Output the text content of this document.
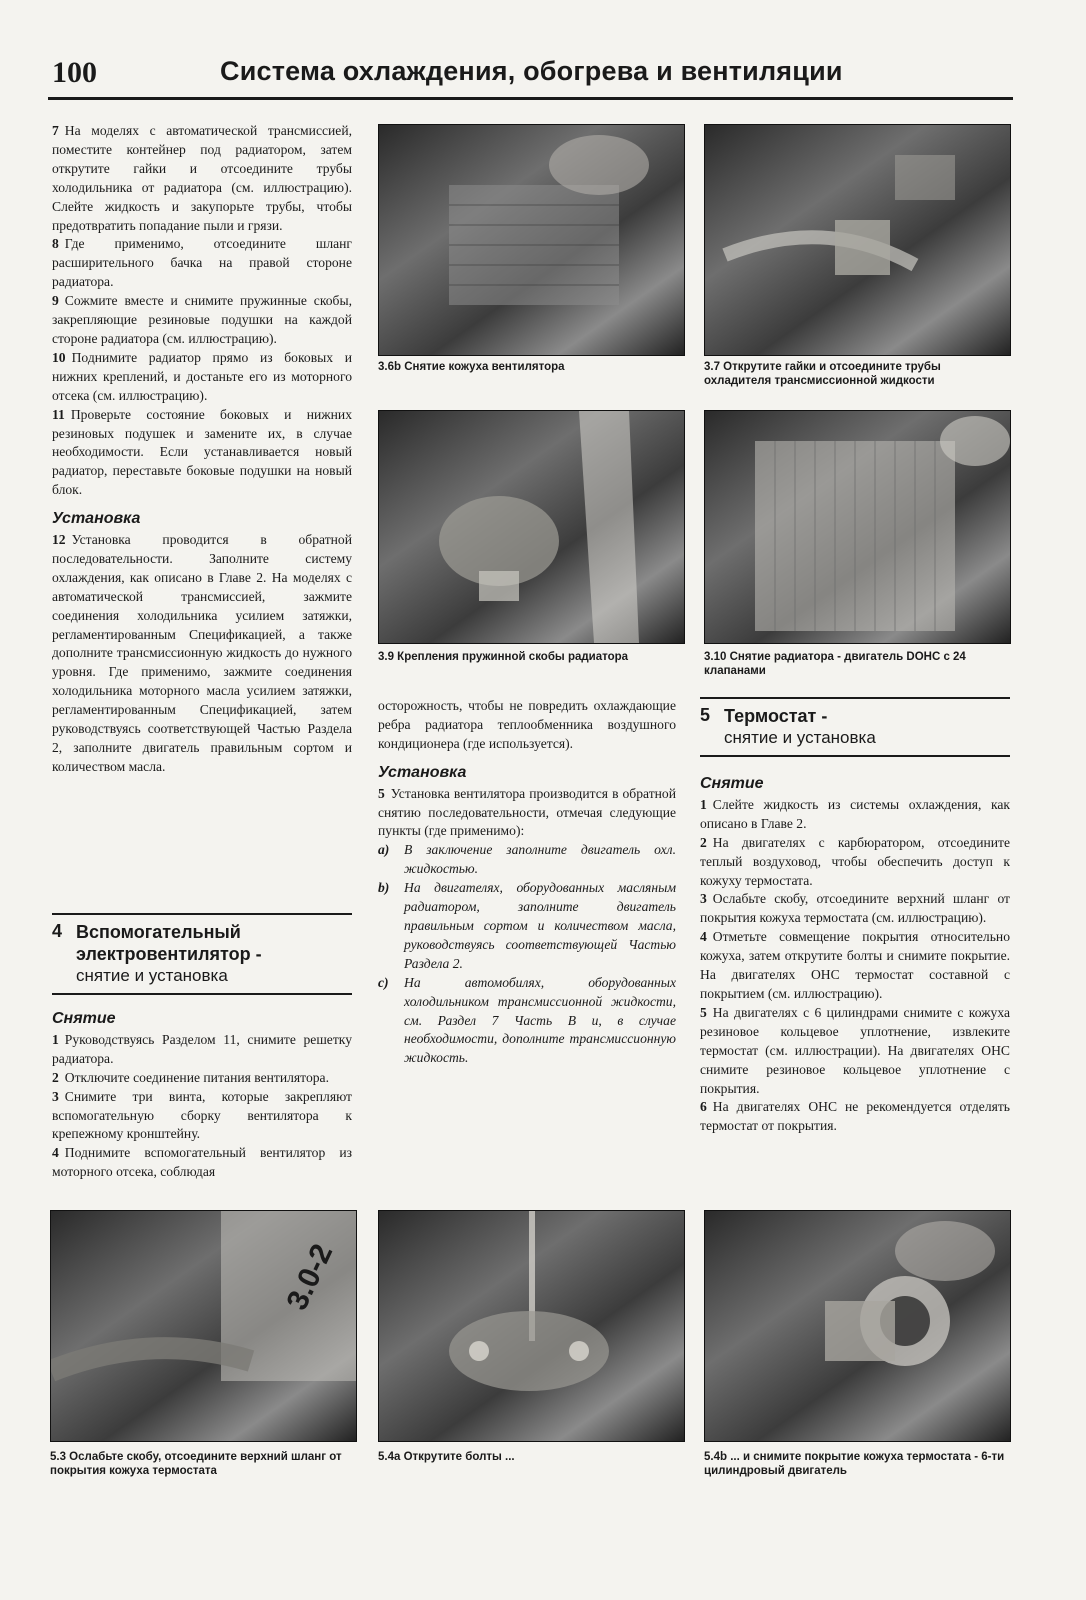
100	Система охлаждения, обогрева и вентиляции

7 На моделях с автоматической трансмиссией, поместите контейнер под радиатором, затем открутите гайки и отсоедините трубы холодильника от радиатора (см. иллюстрацию). Слейте жидкость и закупорьте трубы, чтобы предотвратить попадание пыли и грязи.

8 Где применимо, отсоедините шланг расширительного бачка на правой стороне радиатора.

9 Сожмите вместе и снимите пружинные скобы, закрепляющие резиновые подушки на каждой стороне радиатора (см. иллюстрацию).

10 Поднимите радиатор прямо из боковых и нижних креплений, и достаньте его из моторного отсека (см. иллюстрацию).

11 Проверьте состояние боковых и нижних резиновых подушек и замените их, в случае необходимости. Если устанавливается новый радиатор, переставьте боковые подушки на новый блок.

Установка

12 Установка проводится в обратной последовательности. Заполните систему охлаждения, как описано в Главе 2. На моделях с автоматической трансмиссией, зажмите соединения холодильника усилием затяжки, регламентированным Спецификацией, а также дополните трансмиссионную жидкость до нужного уровня. Где применимо, зажмите соединения холодильника моторного масла усилием затяжки, регламентированным Спецификацией, затем руководствуясь соответствующей Частью Раздела 2, заполните двигатель правильным сортом и количеством масла.

4 Вспомогательный
электровентилятор -
снятие и установка
Снятие

1 Руководствуясь Разделом 11, снимите решетку радиатора.

2 Отключите соединение питания вентилятора.

3 Снимите три винта, которые закрепляют вспомогательную сборку вентилятора к крепежному кронштейну.

4 Поднимите вспомогательный вентилятор из моторного отсека, соблюдая

осторожность, чтобы не повредить охлаждающие ребра радиатора теплообменника воздушного кондиционера (где используется).

Установка

5 Установка вентилятора производится в обратной снятию последовательности, отмечая следующие пункты (где применимо):

a)	В заключение заполните двигатель охл. жидкостью.
b)	На двигателях, оборудованных масляным радиатором, заполните двигатель правильным сортом и количеством масла, руководствуясь соответствующей Частью Раздела 2.
c)	На автомобилях, оборудованных холодильником трансмиссионной жидкости, см. Раздел 7 Часть В и, в случае необходимости, дополните трансмиссионную жидкость.
5 Термостат -
снятие и установка
Снятие

1 Слейте жидкость из системы охлаждения, как описано в Главе 2.

2 На двигателях с карбюратором, отсоедините теплый воздуховод, чтобы обеспечить доступ к кожуху термостата.

3 Ослабьте скобу, отсоедините верхний шланг от покрытия кожуха термостата (см. иллюстрацию).

4 Отметьте совмещение покрытия относительно кожуха, затем открутите болты и снимите покрытие. На двигателях ОНС термостат составной с покрытием (см. иллюстрацию).

5 На двигателях с 6 цилиндрами снимите с кожуха резиновое кольцевое уплотнение, извлеките термостат (см. иллюстрации). На двигателях ОНС снимите резиновое кольцевое уплотнение с покрытия.

6 На двигателях ОНС не рекомендуется отделять термостат от покрытия.

3.6b Снятие кожуха вентилятора	3.7 Открутите гайки и отсоедините трубы охладителя трансмиссионной жидкости
3.9 Крепления пружинной скобы радиатора	3.10 Снятие радиатора - двигатель DOHC с 24 клапанами
3.0-2
5.3 Ослабьте скобу, отсоедините верхний шланг от покрытия кожуха термостата
5.4a Открутите болты ...	5.4b ... и снимите покрытие кожуха термостата - 6-ти цилиндровый двигатель
